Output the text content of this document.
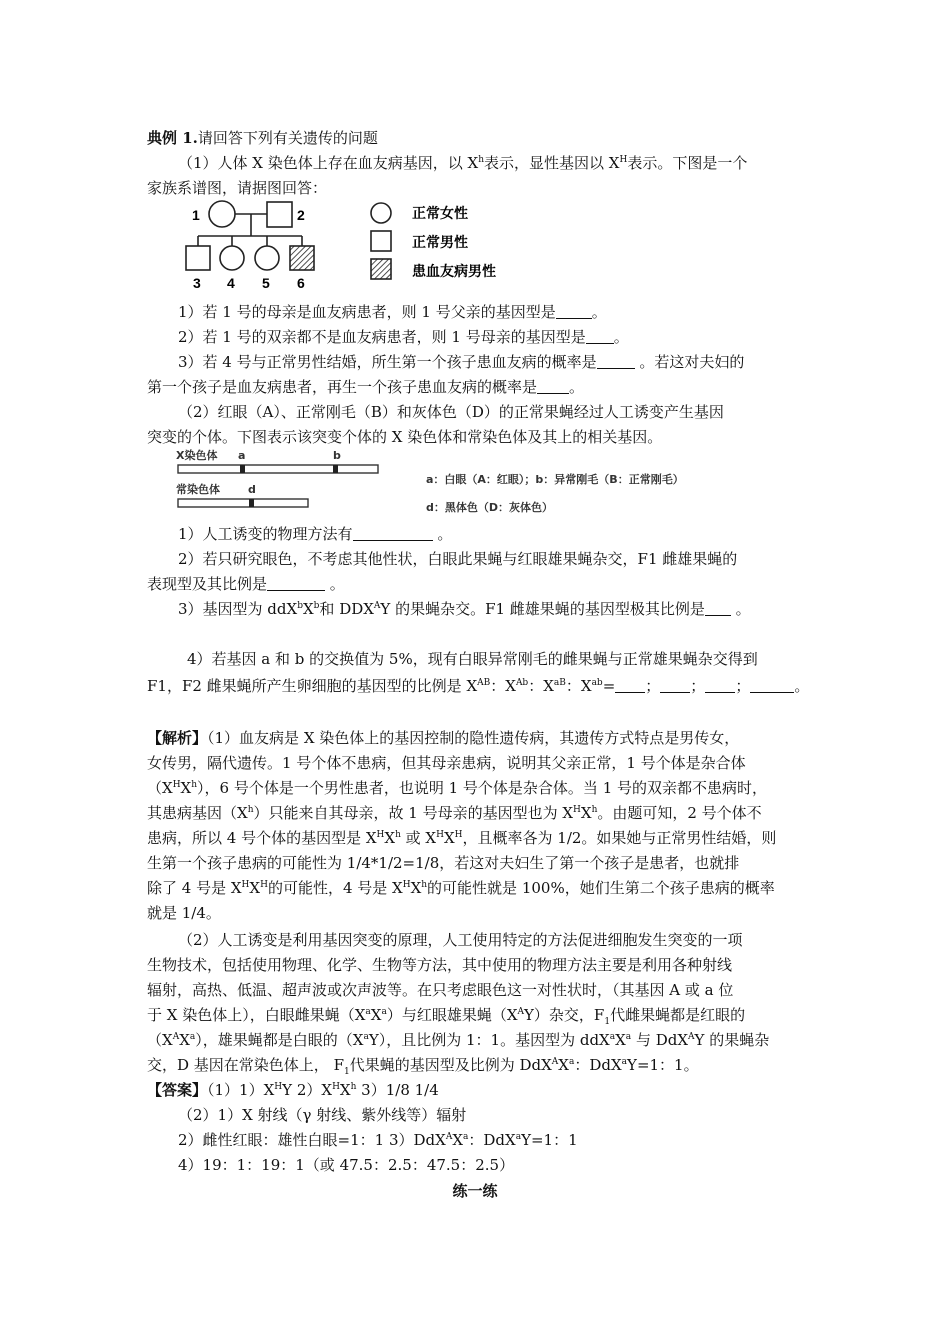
典例 1.请回答下列有关遗传的问题
（1）人体 X 染色体上存在血友病基因，以 $X^h$表示，显性基因以 $X^H$表示。下图是一个
家族系谱图，请据图回答：
1	2
3 4 5 6
正常女性
正常男性
患血友病男性
1）若 1 号的母亲是血友病患者，则 1 号父亲的基因型是 。
2）若 1 号的双亲都不是血友病患者，则 1 号母亲的基因型是 。
3）若 4 号与正常男性结婚，所生第一个孩子患血友病的概率是	。若这对夫妇的
第一个孩子是血友病患者，再生一个孩子患血友病的概率是 。
（2）红眼（A）、正常刚毛（B）和灰体色（D）的正常果蝇经过人工诱变产生基因
突变的个体。下图表示该突变个体的 X 染色体和常染色体及其上的相关基因。
X染色体 a	b
常染色体	d
a：白眼（A：红眼）；b：异常刚毛（B：正常刚毛）
d：黑体色（D：灰体色）
1）人工诱变的物理方法有	。
2）若只研究眼色，不考虑其他性状，白眼此果蝇与红眼雄果蝇杂交，F1 雌雄果蝇的
表现型及其比例是	。
3）基因型为 $ddX^bX^b$和 $DDX^AY$ 的果蝇杂交。F1 雌雄果蝇的基因型极其比例是 。
4）若基因 a 和 b 的交换值为 5%，现有白眼异常刚毛的雌果蝇与正常雄果蝇杂交得到
F1，F2 雌果蝇所产生卵细胞的基因型的比例是 $X^{AB}$：$X^{Ab}$：$X^{aB}$：$X^{ab}=$ ； ； ；	。
【解析】（1）血友病是 X 染色体上的基因控制的隐性遗传病，其遗传方式特点是男传女，
女传男，隔代遗传。1 号个体不患病，但其母亲患病，说明其父亲正常，1 号个体是杂合体
$(X^HX^h)$，6 号个体是一个男性患者，也说明 1 号个体是杂合体。当 1 号的双亲都不患病时，
其患病基因$(X^h)$只能来自其母亲，故 1 号母亲的基因型也为 $X^HX^h$。由题可知，2 号个体不
患病，所以 4 号个体的基因型是 $X^HX^h$ 或 $X^HX^H$，且概率各为 1/2。如果她与正常男性结婚，则
生第一个孩子患病的可能性为 1/4*1/2=1/8，若这对夫妇生了第一个孩子是患者，也就排
除了 4 号是 $X^HX^H$的可能性，4 号是 $X^HX^h$的可能性就是 100%，她们生第二个孩子患病的概率
就是 1/4。
（2）人工诱变是利用基因突变的原理，人工使用特定的方法促进细胞发生突变的一项
生物技术，包括使用物理、化学、生物等方法，其中使用的物理方法主要是利用各种射线
辐射，高热、低温、超声波或次声波等。在只考虑眼色这一对性状时，（其基因 A 或 a 位
于 X 染色体上），白眼雌果蝇$(X^aX^a)$与红眼雄果蝇$(X^AY)$杂交，$F_1$代雌果蝇都是红眼的
$(X^AX^a)$，雄果蝇都是白眼的$(X^aY)$，且比例为 1：1。基因型为 $ddX^aX^a$ 与 DdX$^A$Y 的果蝇杂
交，D 基因在常染色体上， $F_1$代果蝇的基因型及比例为 $DdX^AX^a$：DdX$^a$Y=1：1。
【答案】$(1)1)X^HY$ $2)X^HX^h$ 3）1/8 1/4
（2）1）X 射线（γ 射线、紫外线等）辐射
2）雌性红眼：雄性白眼=1：1 $3)DdX^AX^a$：DdX$^a$Y=1：1
4）19：1：19：1（或 47.5：2.5：47.5：2.5）
练一练
